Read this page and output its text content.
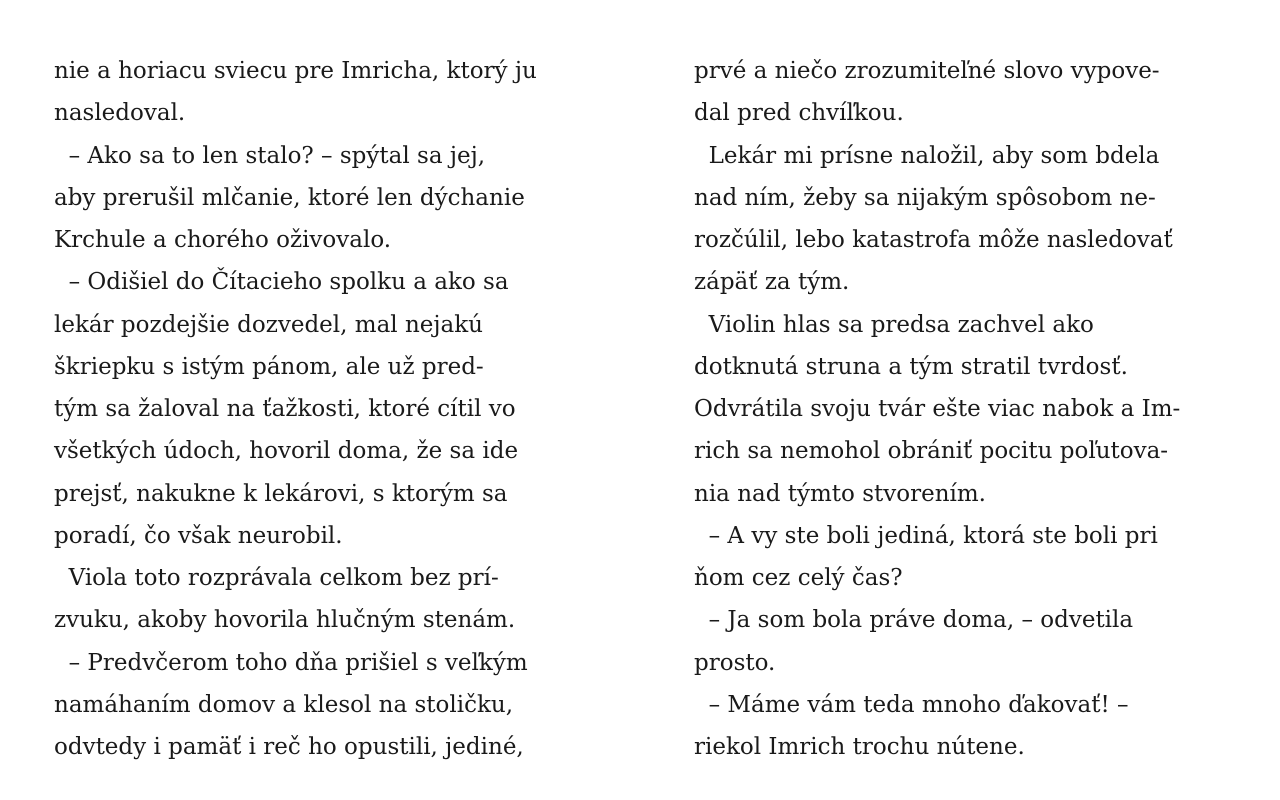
nie a horiacu sviecu pre Imricha, ktorý ju
nasledoval.
– Ako sa to len stalo? – spýtal sa jej,
aby prerušil mlčanie, ktoré len dýchanie
Krchule a chorého oživovalo.
– Odišiel do Čítacieho spolku a ako sa
lekár pozdejšie dozvedel, mal nejakú
škriepku s istým pánom, ale už pred-
tým sa žaloval na ťažkosti, ktoré cítil vo
všetkých údoch, hovoril doma, že sa ide
prejsť, nakukne k lekárovi, s ktorým sa
poradí, čo však neurobil.
Viola toto rozprávala celkom bez prí-
zvuku, akoby hovorila hlučným stenám.
– Predvčerom toho dňa prišiel s veľkým
namáhaním domov a klesol na stoličku,
odvtedy i pamäť i reč ho opustili, jediné,
prvé a niečo zrozumiteľné slovo vypove-
dal pred chvíľkou.
Lekár mi prísne naložil, aby som bdela
nad ním, žeby sa nijakým spôsobom ne-
rozčúlil, lebo katastrofa môže nasledovať
zápäť za tým.
Violin hlas sa predsa zachvel ako
dotknutá struna a tým stratil tvrdosť.
Odvrátila svoju tvár ešte viac nabok a Im-
rich sa nemohol obrániť pocitu poľutova-
nia nad týmto stvorením.
– A vy ste boli jediná, ktorá ste boli pri
ňom cez celý čas?
– Ja som bola práve doma, – odvetila
prosto.
– Máme vám teda mnoho ďakovať! –
riekol Imrich trochu nútene.
